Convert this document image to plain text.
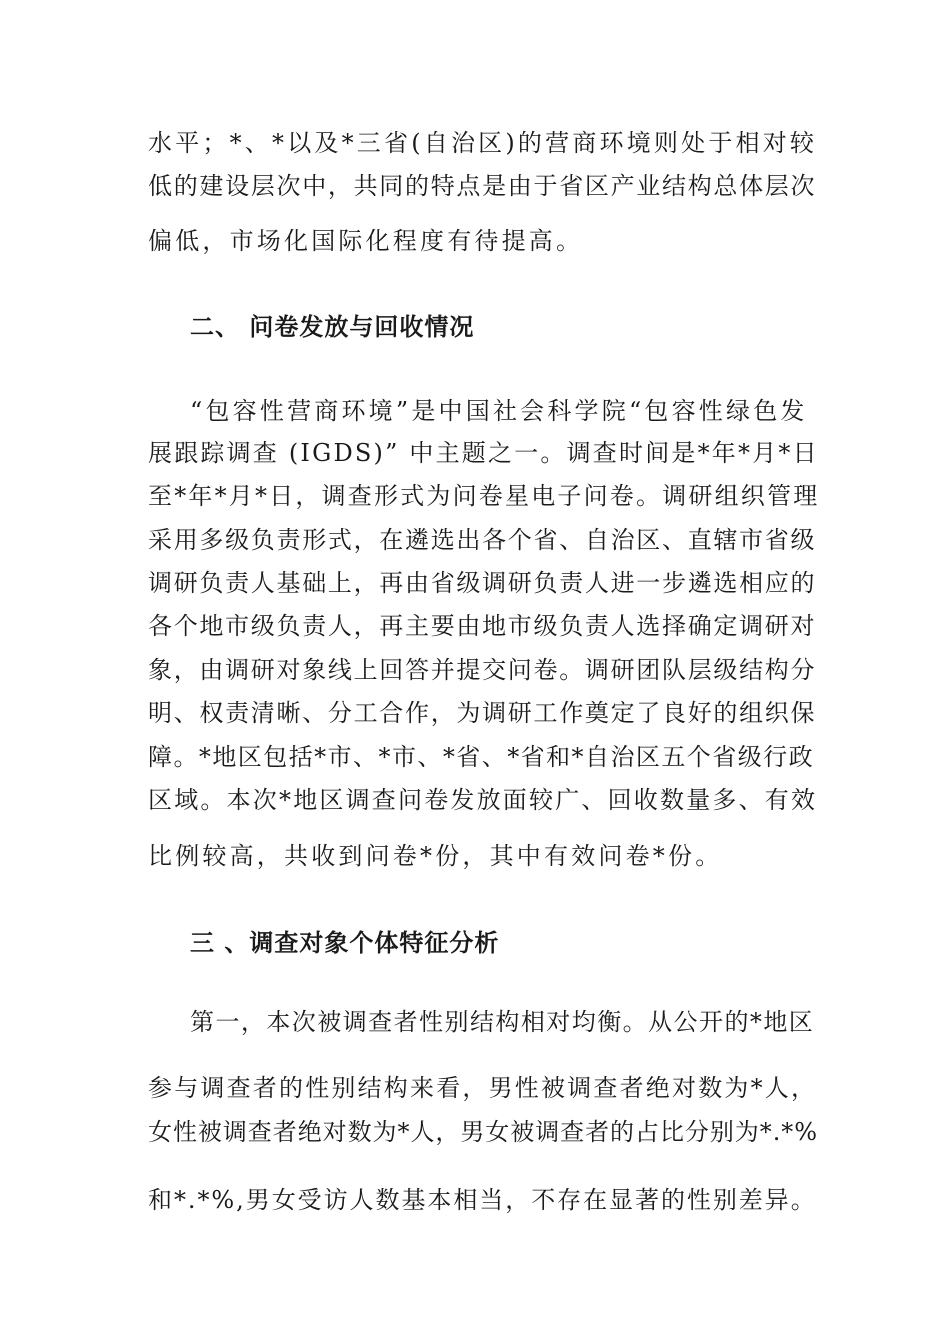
水平；*、*以及*三省(自治区)的营商环境则处于相对较
低的建设层次中，共同的特点是由于省区产业结构总体层次
偏低，市场化国际化程度有待提高。
二、 问卷发放与回收情况
“包容性营商环境”是中国社会科学院“包容性绿色发
展跟踪调查 (IGDS)” 中主题之一。调查时间是*年*月*日
至*年*月*日，调查形式为问卷星电子问卷。调研组织管理
采用多级负责形式，在遴选出各个省、自治区、直辖市省级
调研负责人基础上，再由省级调研负责人进一步遴选相应的
各个地市级负责人，再主要由地市级负责人选择确定调研对
象，由调研对象线上回答并提交问卷。调研团队层级结构分
明、权责清晰、分工合作，为调研工作奠定了良好的组织保
障。*地区包括*市、*市、*省、*省和*自治区五个省级行政
区域。本次*地区调查问卷发放面较广、回收数量多、有效
比例较高，共收到问卷*份，其中有效问卷*份。
三 、调查对象个体特征分析
第一，本次被调查者性别结构相对均衡。从公开的*地区
参与调查者的性别结构来看，男性被调查者绝对数为*人，
女性被调查者绝对数为*人，男女被调查者的占比分别为*.*%
和*.*%,男女受访人数基本相当，不存在显著的性别差异。
